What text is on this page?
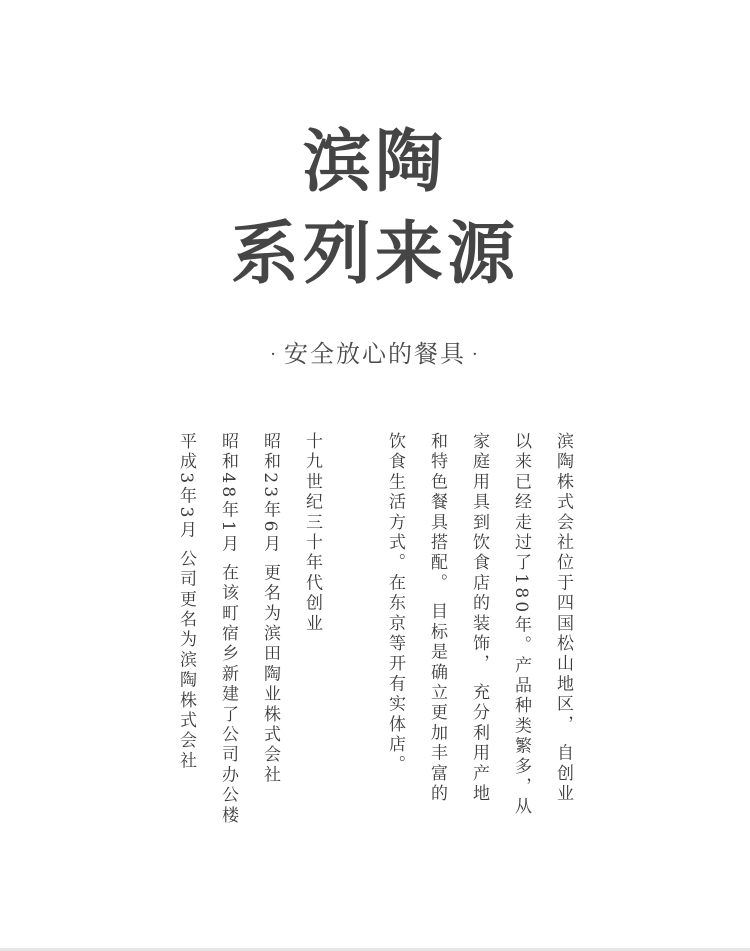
滨陶
系列来源
· 安全放心的餐具 ·
滨陶株式会社位于四国松山地区， 自创业
以来已经走过了180年。产品种类繁多，从
家庭用具到饮食店的装饰， 充分利用产地
和特色餐具搭配。 目标是确立更加丰富的
饮食生活方式。在东京等开有实体店。
十九世纪三十年代创业
昭和23年6月 更名为滨田陶业株式会社
昭和48年1月 在该町宿乡新建了公司办公楼
平成3年3月 公司更名为滨陶株式会社
